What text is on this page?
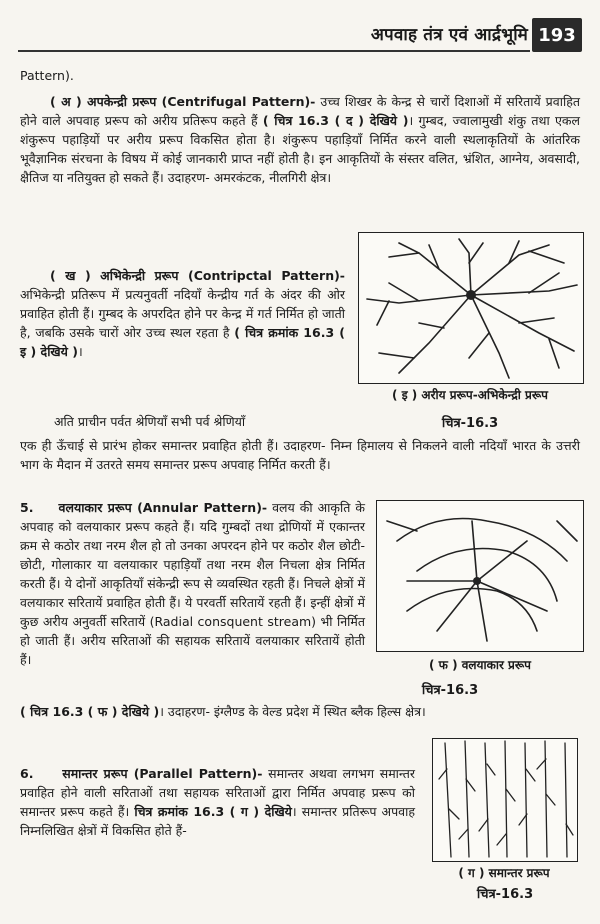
अपवाह तंत्र एवं आर्द्रभूमि 193
Pattern).
( अ ) अपकेन्द्री प्ररूप (Centrifugal Pattern)- उच्च शिखर के केन्द्र से चारों दिशाओं में सरितायें प्रवाहित होने वाले अपवाह प्ररूप को अरीय प्रतिरूप कहते हैं ( चित्र 16.3 ( द ) देखिये )। गुम्बद, ज्वालामुखी शंकु तथा एकल शंकुरूप पहाड़ियों पर अरीय प्ररूप विकसित होता है। शंकुरूप पहाड़ियाँ निर्मित करने वाली स्थलाकृतियों के आंतरिक भूवैज्ञानिक संरचना के विषय में कोई जानकारी प्राप्त नहीं होती है। इन आकृतियों के संस्तर वलित, भ्रंशित, आग्नेय, अवसादी, क्षैतिज या नतियुक्त हो सकते हैं। उदाहरण- अमरकंटक, नीलगिरी क्षेत्र।
( ख ) अभिकेन्द्री प्ररूप (Contripctal Pattern)- अभिकेन्द्री प्रतिरूप में प्रत्यनुवर्ती नदियाँ केन्द्रीय गर्त के अंदर की ओर प्रवाहित होती हैं। गुम्बद के अपरदित होने पर केन्द्र में गर्त निर्मित हो जाती है, जबकि उसके चारों ओर उच्च स्थल रहता है ( चित्र क्रमांक 16.3 ( इ ) देखिये )।
( इ ) अरीय प्ररूप-अभिकेन्द्री प्ररूप
अति प्राचीन पर्वत श्रेणियाँ सभी पर्व श्रेणियाँ	चित्र-16.3
एक ही ऊँचाई से प्रारंभ होकर समान्तर प्रवाहित होती हैं। उदाहरण- निम्न हिमालय से निकलने वाली नदियाँ भारत के उत्तरी भाग के मैदान में उतरते समय समान्तर प्ररूप अपवाह निर्मित करती हैं।
5. वलयाकार प्ररूप (Annular Pattern)- वलय की आकृति के अपवाह को वलयाकार प्ररूप कहते हैं। यदि गुम्बदों तथा द्रोणियों में एकान्तर क्रम से कठोर तथा नरम शैल हो तो उनका अपरदन होने पर कठोर शैल छोटी-छोटी, गोलाकार या वलयाकार पहाड़ियाँ तथा नरम शैल निचला क्षेत्र निर्मित करती हैं। ये दोनों आकृतियाँ संकेन्द्री रूप से व्यवस्थित रहती हैं। निचले क्षेत्रों में वलयाकार सरितायें प्रवाहित होती हैं। ये परवर्ती सरितायें रहती हैं। इन्हीं क्षेत्रों में कुछ अरीय अनुवर्ती सरितायें (Radial consquent stream) भी निर्मित हो जाती हैं। अरीय सरिताओं की सहायक सरितायें वलयाकार सरितायें होती हैं।	( फ ) वलयाकार प्ररूप
चित्र-16.3
( चित्र 16.3 ( फ ) देखिये )। उदाहरण- इंग्लैण्ड के वेल्ड प्रदेश में स्थित ब्लैक हिल्स क्षेत्र।
6. समान्तर प्ररूप (Parallel Pattern)- समान्तर अथवा लगभग समान्तर प्रवाहित होने वाली सरिताओं तथा सहायक सरिताओं द्वारा निर्मित अपवाह प्ररूप को समान्तर प्ररूप कहते हैं। चित्र क्रमांक 16.3 ( ग ) देखिये। समान्तर प्रतिरूप अपवाह निम्नलिखित क्षेत्रों में विकसित होते हैं-
( ग ) समान्तर प्ररूप
चित्र-16.3
